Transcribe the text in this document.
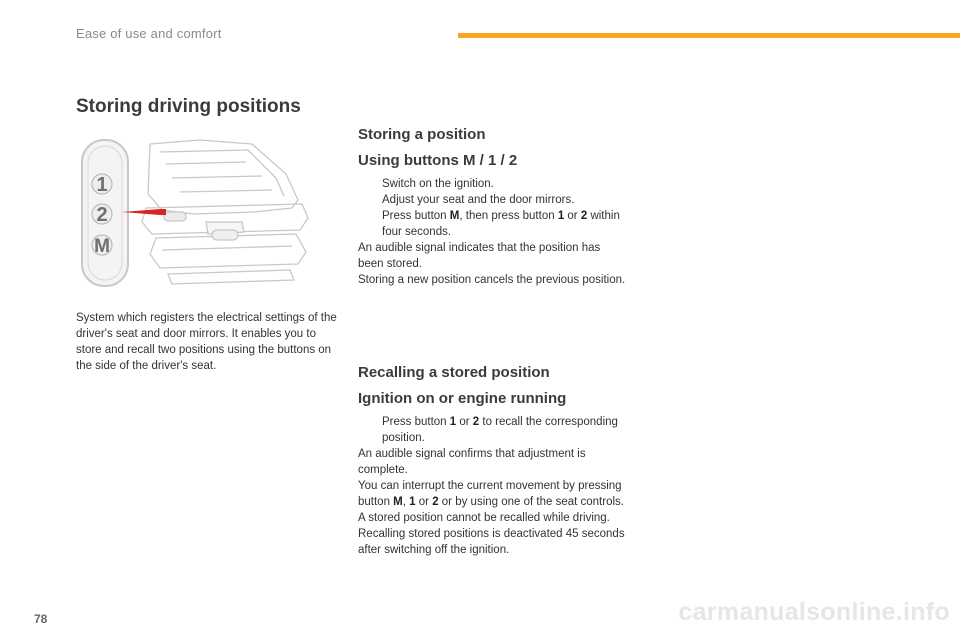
Ease of use and comfort
Storing driving positions
1
2
M
System which registers the electrical settings of the driver's seat and door mirrors. It enables you to store and recall two positions using the buttons on the side of the driver's seat.
Storing a position
Using buttons M / 1 / 2
Switch on the ignition.
Adjust your seat and the door mirrors.
Press button M, then press button 1 or 2 within four seconds.

An audible signal indicates that the position has been stored.

Storing a new position cancels the previous position.

Recalling a stored position
Ignition on or engine running
Press button 1 or 2 to recall the corresponding position.

An audible signal confirms that adjustment is complete.

You can interrupt the current movement by pressing button M, 1 or 2 or by using one of the seat controls.

A stored position cannot be recalled while driving.

Recalling stored positions is deactivated 45 seconds after switching off the ignition.

78	carmanualsonline.info
